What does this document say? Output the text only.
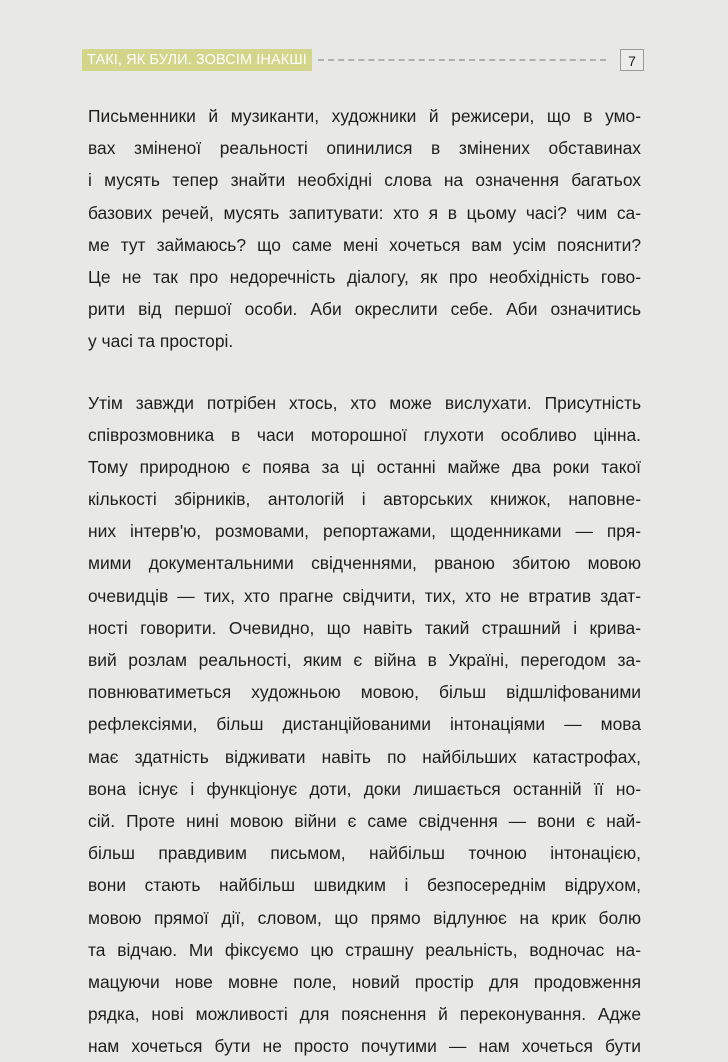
ТАКІ, ЯК БУЛИ. ЗОВСІМ ІНАКШІ	7
Письменники й музиканти, художники й режисери, що в умо-
вах зміненої реальності опинилися в змінених обставинах
і мусять тепер знайти необхідні слова на означення багатьох
базових речей, мусять запитувати: хто я в цьому часі? чим са-
ме тут займаюсь? що саме мені хочеться вам усім пояснити?
Це не так про недоречність діалогу, як про необхідність гово-
рити від першої особи. Аби окреслити себе. Аби означитись
у часі та просторі.
Утім завжди потрібен хтось, хто може вислухати. Присутність
співрозмовника в часи моторошної глухоти особливо цінна.
Тому природною є поява за ці останні майже два роки такої
кількості збірників, антологій і авторських книжок, наповне-
них інтерв'ю, розмовами, репортажами, щоденниками — пря-
мими документальними свідченнями, рваною збитою мовою
очевидців — тих, хто прагне свідчити, тих, хто не втратив здат-
ності говорити. Очевидно, що навіть такий страшний і крива-
вий розлам реальності, яким є війна в Україні, перегодом за-
повнюватиметься художньою мовою, більш відшліфованими
рефлексіями, більш дистанційованими інтонаціями — мова
має здатність відживати навіть по найбільших катастрофах,
вона існує і функціонує доти, доки лишається останній її но-
сій. Проте нині мовою війни є саме свідчення — вони є най-
більш правдивим письмом, найбільш точною інтонацією,
вони стають найбільш швидким і безпосереднім відрухом,
мовою прямої дії, словом, що прямо відлунює на крик болю
та відчаю. Ми фіксуємо цю страшну реальність, водночас на-
мацуючи нове мовне поле, новий простір для продовження
рядка, нові можливості для пояснення й переконування. Адже
нам хочеться бути не просто почутими — нам хочеться бути
